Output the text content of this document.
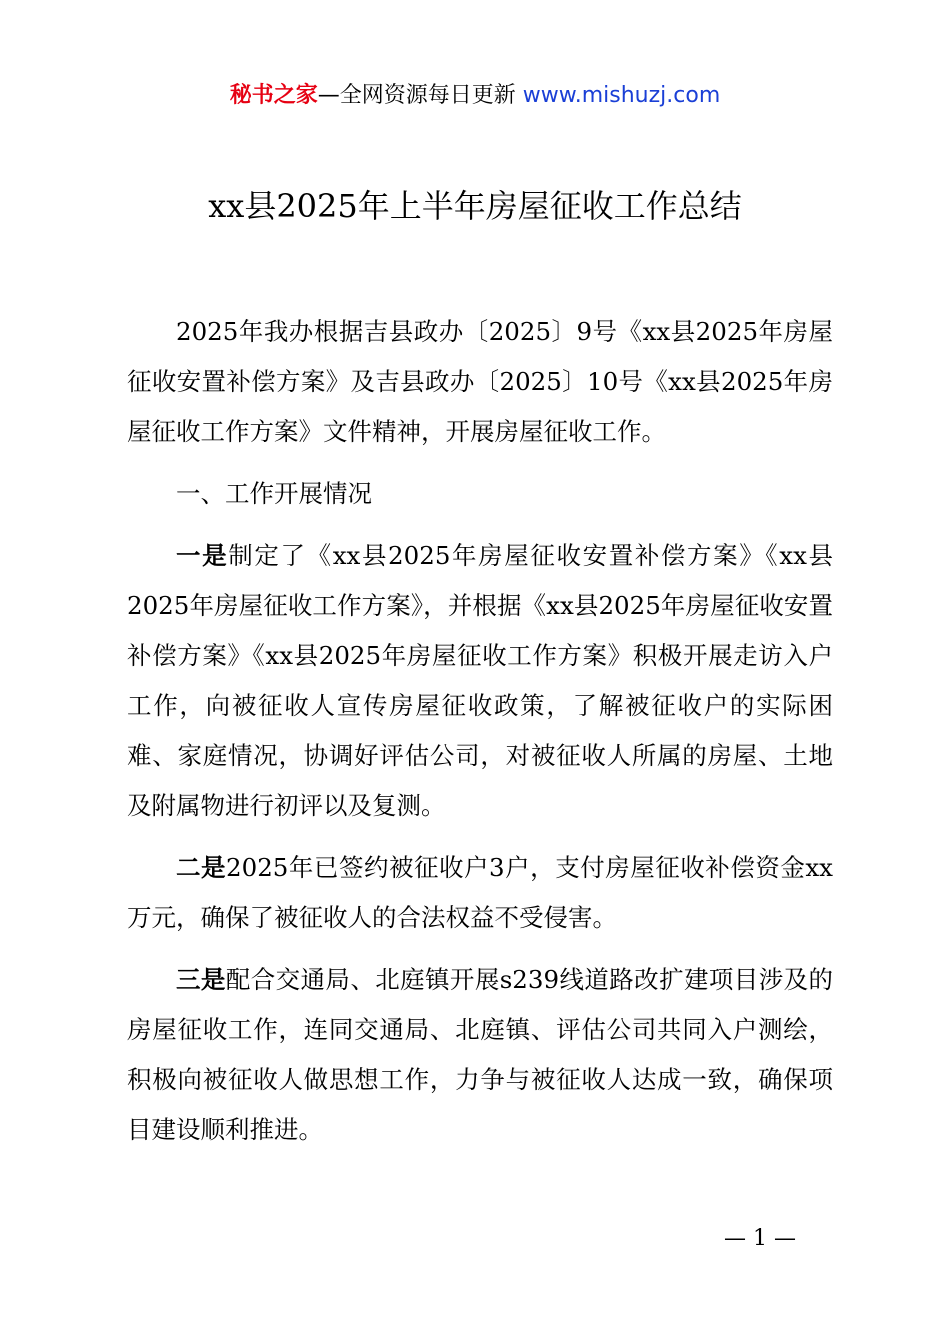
秘书之家—全网资源每日更新 www.mishuzj.com
xx县2025年上半年房屋征收工作总结

2025年我办根据吉县政办〔2025〕9号《xx县2025年房屋征收安置补偿方案》及吉县政办〔2025〕10号《xx县2025年房屋征收工作方案》文件精神，开展房屋征收工作。

一、工作开展情况

一是制定了《xx县2025年房屋征收安置补偿方案》《xx县2025年房屋征收工作方案》，并根据《xx县2025年房屋征收安置补偿方案》《xx县2025年房屋征收工作方案》积极开展走访入户工作，向被征收人宣传房屋征收政策，了解被征收户的实际困难、家庭情况，协调好评估公司，对被征收人所属的房屋、土地及附属物进行初评以及复测。

二是2025年已签约被征收户3户，支付房屋征收补偿资金xx万元，确保了被征收人的合法权益不受侵害。

三是配合交通局、北庭镇开展s239线道路改扩建项目涉及的房屋征收工作，连同交通局、北庭镇、评估公司共同入户测绘，积极向被征收人做思想工作，力争与被征收人达成一致，确保项目建设顺利推进。

— 1 —
